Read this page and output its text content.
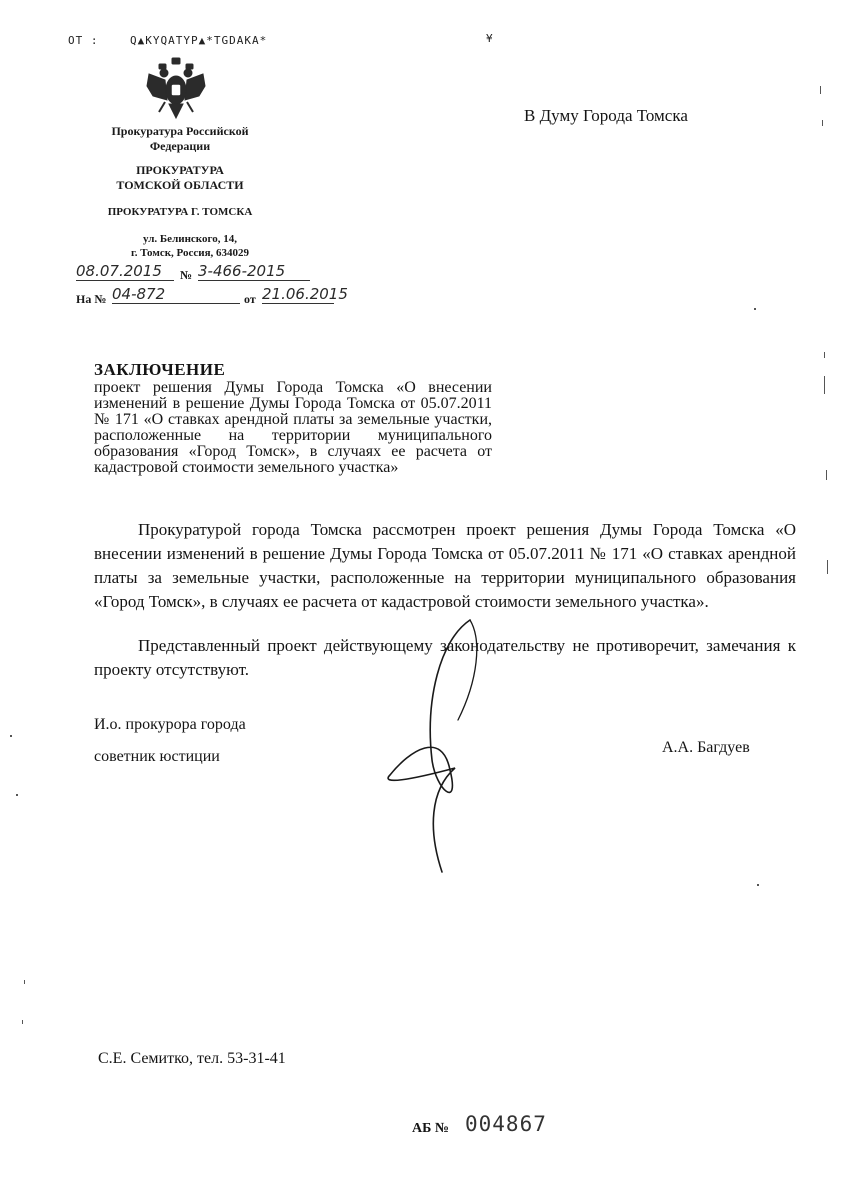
OT :	Q▲KYQATYP▲*TGDAKA*	¥
Прокуратура Российской
Федерации
ПРОКУРАТУРА
ТОМСКОЙ ОБЛАСТИ
ПРОКУРАТУРА Г. ТОМСКА
ул. Белинского, 14,
г. Томск, Россия, 634029
08.07.2015	№ 3-466-2015
На № 04-872	от 21.06.2015
В Думу Города Томска
ЗАКЛЮЧЕНИЕ
проект решения Думы Города Томска «О внесении изменений в решение Думы Города Томска от 05.07.2011 № 171 «О ставках арендной платы за земельные участки, расположенные на территории муниципального образования «Город Томск», в случаях ее расчета от кадастровой стоимости земельного участка»
Прокуратурой города Томска рассмотрен проект решения Думы Города Томска «О внесении изменений в решение Думы Города Томска от 05.07.2011 № 171 «О ставках арендной платы за земельные участки, расположенные на территории муниципального образования «Город Томск», в случаях ее расчета от кадастровой стоимости земельного участка».
Представленный проект действующему законодательству не противоречит, замечания к проекту отсутствуют.
И.о. прокурора города
советник юстиции
А.А. Багдуев
С.Е. Семитко, тел. 53-31-41
АБ № 004867
